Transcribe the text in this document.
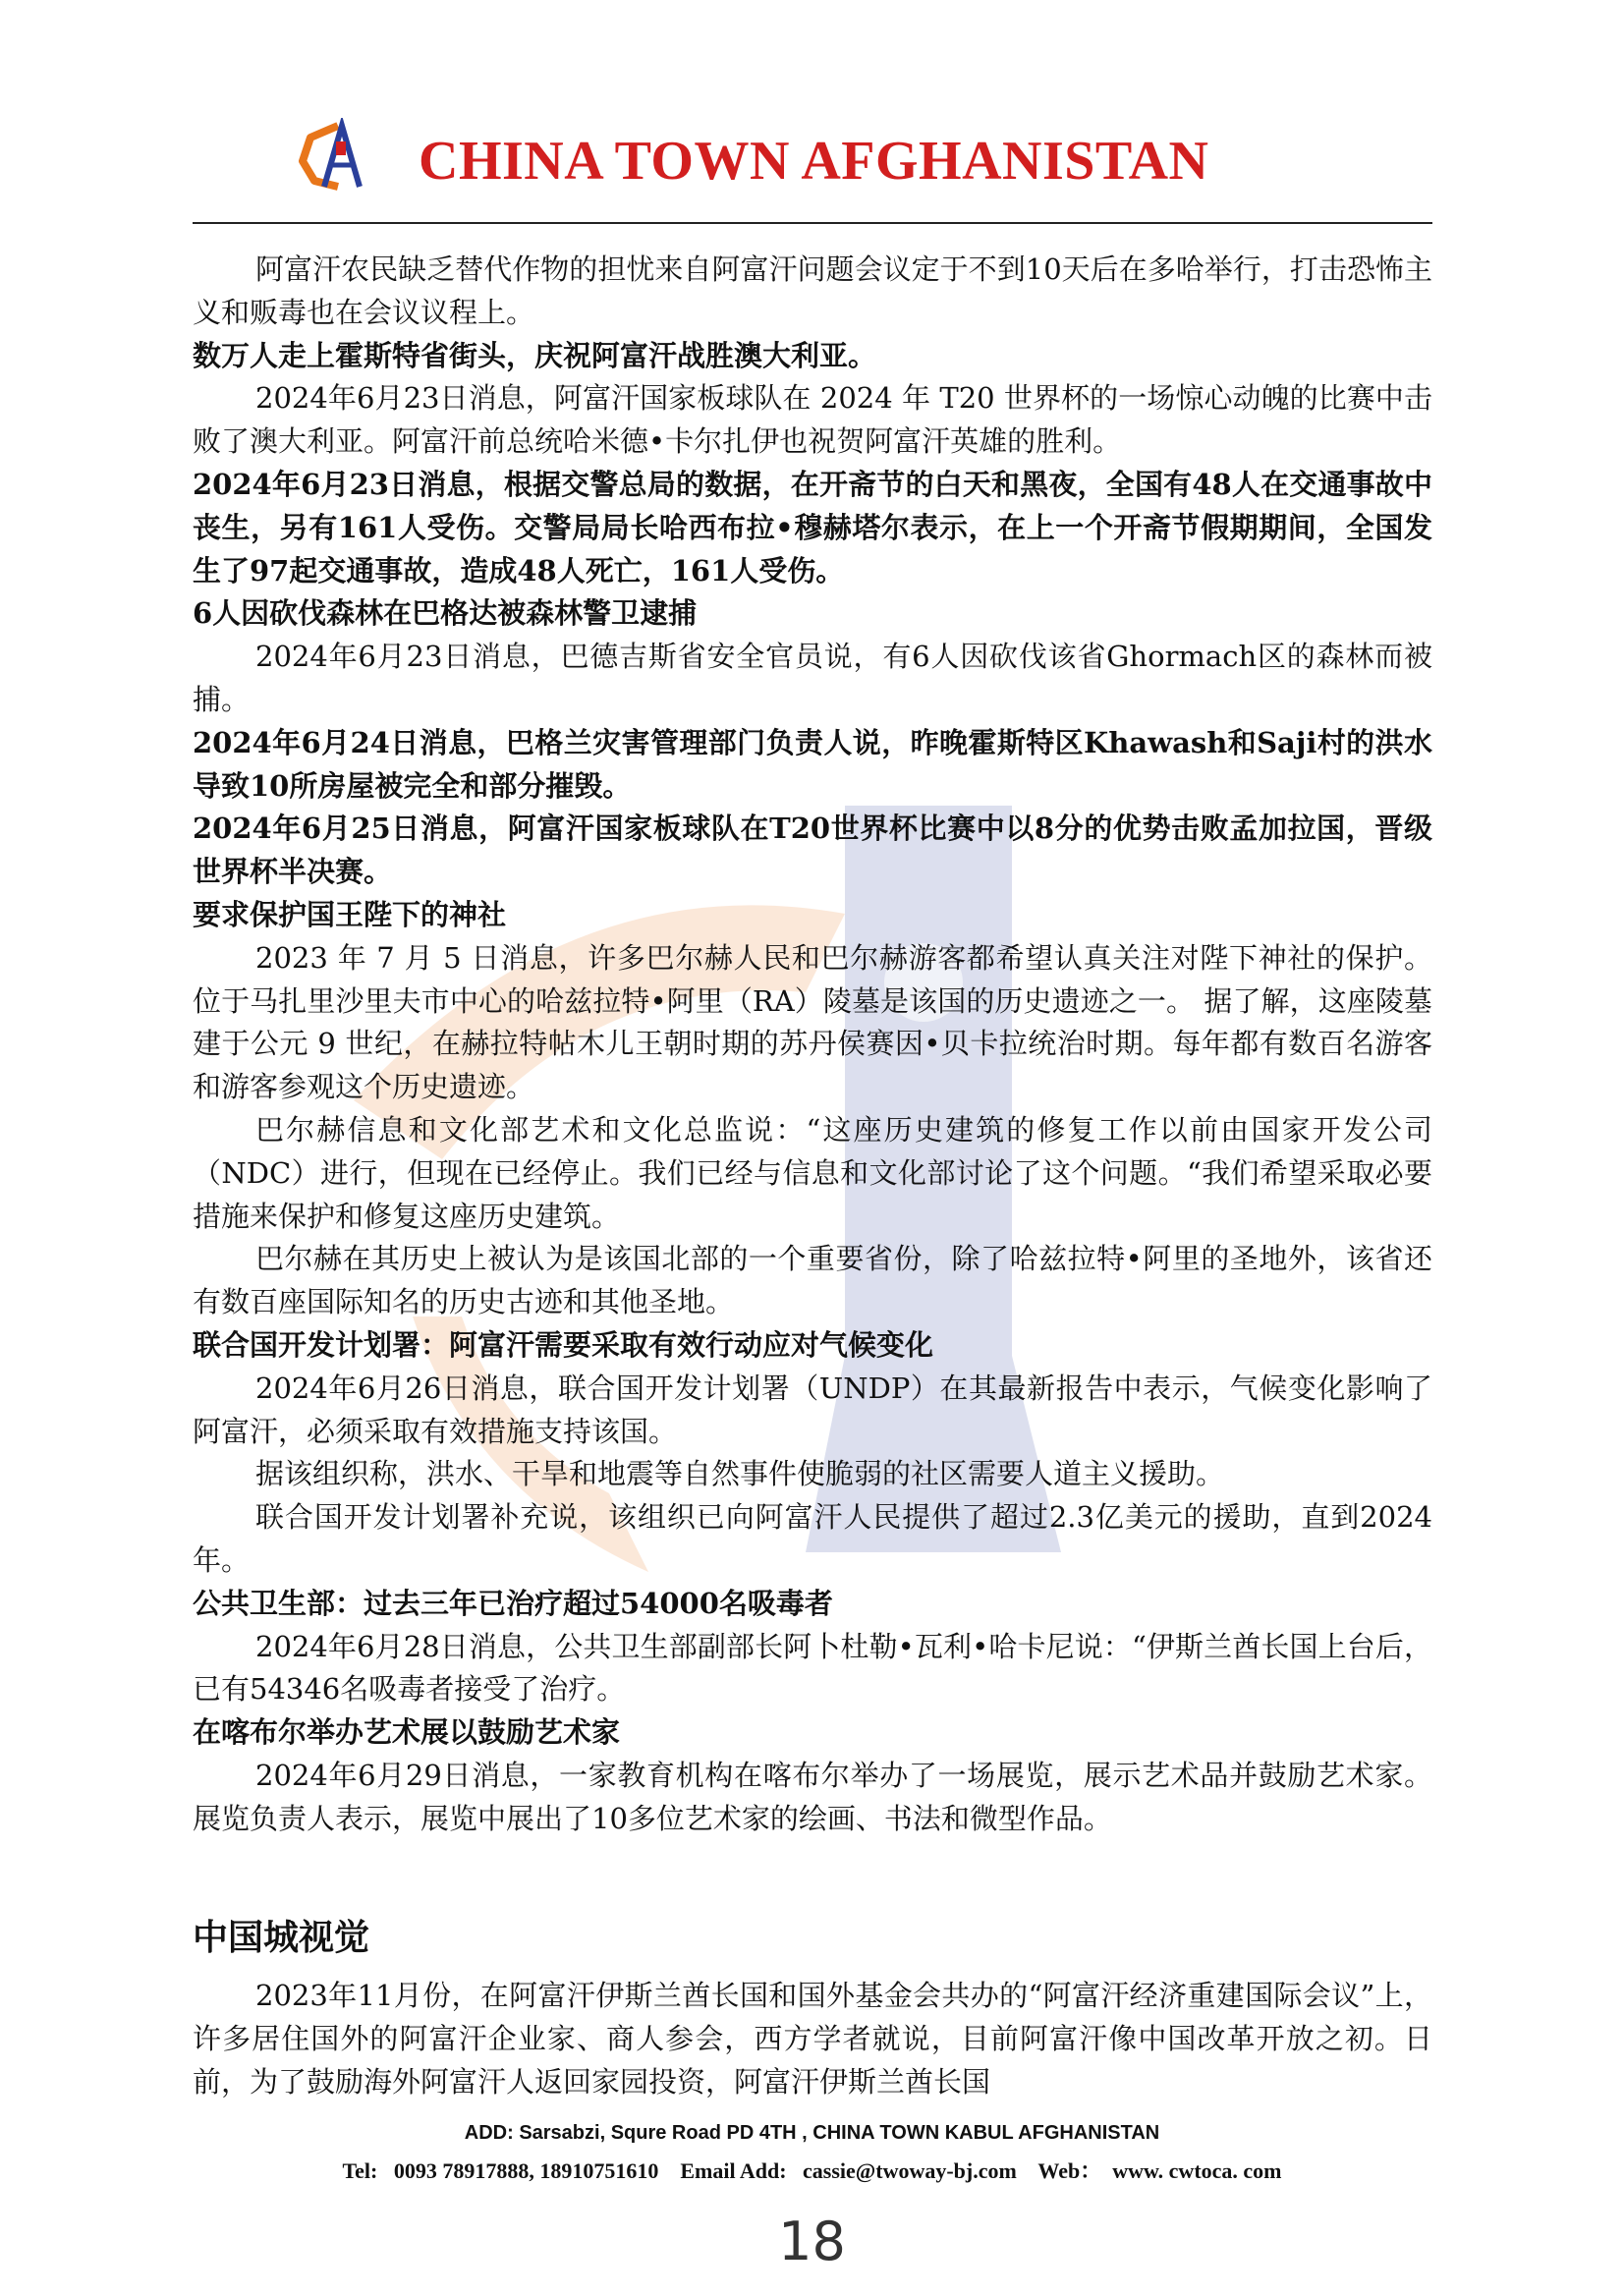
CHINA TOWN AFGHANISTAN

阿富汗农民缺乏替代作物的担忧来自阿富汗问题会议定于不到10天后在多哈举行，打击恐怖主义和贩毒也在会议议程上。

数万人走上霍斯特省街头，庆祝阿富汗战胜澳大利亚。

2024年6月23日消息，阿富汗国家板球队在 2024 年 T20 世界杯的一场惊心动魄的比赛中击败了澳大利亚。阿富汗前总统哈米德•卡尔扎伊也祝贺阿富汗英雄的胜利。

2024年6月23日消息，根据交警总局的数据，在开斋节的白天和黑夜，全国有48人在交通事故中丧生，另有161人受伤。交警局局长哈西布拉•穆赫塔尔表示，在上一个开斋节假期期间，全国发生了97起交通事故，造成48人死亡，161人受伤。

6人因砍伐森林在巴格达被森林警卫逮捕

2024年6月23日消息，巴德吉斯省安全官员说，有6人因砍伐该省Ghormach区的森林而被捕。

2024年6月24日消息，巴格兰灾害管理部门负责人说，昨晚霍斯特区Khawash和Saji村的洪水导致10所房屋被完全和部分摧毁。

2024年6月25日消息，阿富汗国家板球队在T20世界杯比赛中以8分的优势击败孟加拉国，晋级世界杯半决赛。

要求保护国王陛下的神社

2023 年 7 月 5 日消息，许多巴尔赫人民和巴尔赫游客都希望认真关注对陛下神社的保护。位于马扎里沙里夫市中心的哈兹拉特•阿里（RA）陵墓是该国的历史遗迹之一。 据了解，这座陵墓建于公元 9 世纪，在赫拉特帖木儿王朝时期的苏丹侯赛因•贝卡拉统治时期。每年都有数百名游客和游客参观这个历史遗迹。

巴尔赫信息和文化部艺术和文化总监说：“这座历史建筑的修复工作以前由国家开发公司（NDC）进行，但现在已经停止。我们已经与信息和文化部讨论了这个问题。“我们希望采取必要措施来保护和修复这座历史建筑。

巴尔赫在其历史上被认为是该国北部的一个重要省份，除了哈兹拉特•阿里的圣地外，该省还有数百座国际知名的历史古迹和其他圣地。

联合国开发计划署：阿富汗需要采取有效行动应对气候变化

2024年6月26日消息，联合国开发计划署（UNDP）在其最新报告中表示，气候变化影响了阿富汗，必须采取有效措施支持该国。

据该组织称，洪水、干旱和地震等自然事件使脆弱的社区需要人道主义援助。

联合国开发计划署补充说，该组织已向阿富汗人民提供了超过2.3亿美元的援助，直到2024年。

公共卫生部：过去三年已治疗超过54000名吸毒者

2024年6月28日消息，公共卫生部副部长阿卜杜勒•瓦利•哈卡尼说：“伊斯兰酋长国上台后，已有54346名吸毒者接受了治疗。

在喀布尔举办艺术展以鼓励艺术家

2024年6月29日消息，一家教育机构在喀布尔举办了一场展览，展示艺术品并鼓励艺术家。展览负责人表示，展览中展出了10多位艺术家的绘画、书法和微型作品。

中国城视觉

2023年11月份，在阿富汗伊斯兰酋长国和国外基金会共办的“阿富汗经济重建国际会议”上，许多居住国外的阿富汗企业家、商人参会，西方学者就说，目前阿富汗像中国改革开放之初。日前，为了鼓励海外阿富汗人返回家园投资，阿富汗伊斯兰酋长国

ADD: Sarsabzi, Squre Road PD 4TH , CHINA TOWN KABUL AFGHANISTAN
Tel:   0093 78917888, 18910751610    Email Add:   cassie@twoway-bj.com    Web：  www. cwtoca. com
18
